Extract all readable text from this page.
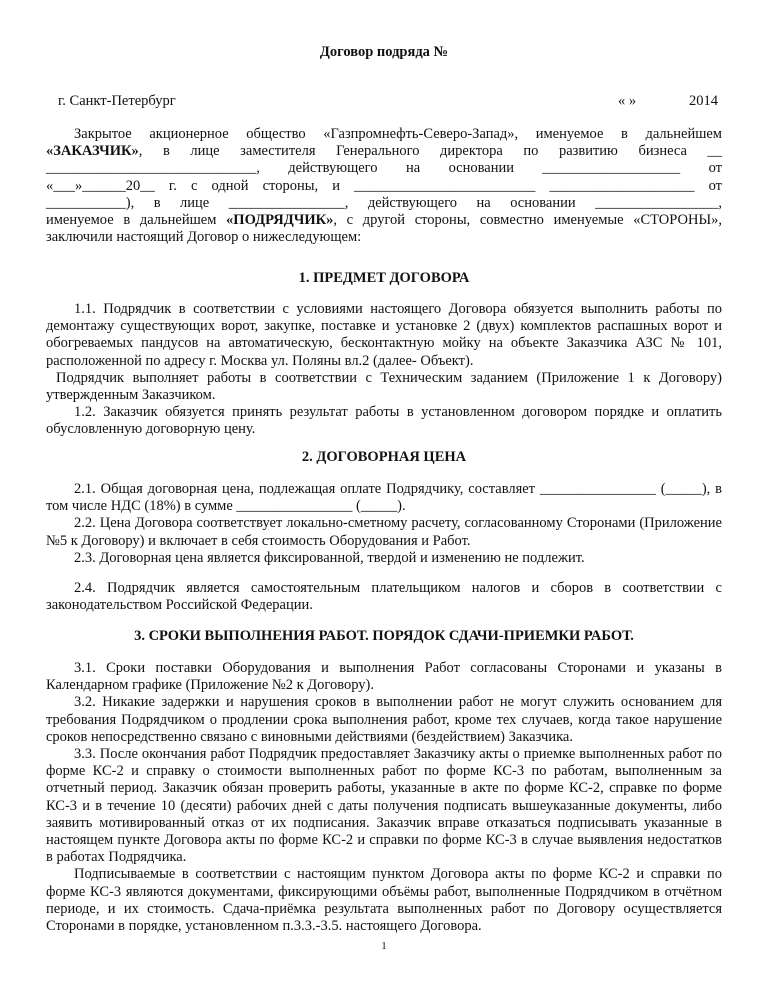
Договор подряда №
г. Санкт-Петербург	« »	2014

Закрытое акционерное общество «Газпромнефть-Северо-Запад», именуемое в дальнейшем

«ЗАКАЗЧИК», в лице заместителя Генерального директора по развитию бизнеса __

_____________________________, действующего на основании ___________________ от

«___»______20__ г. с одной стороны, и _________________________ ____________________ от

___________), в лице ________________, действующего на основании _________________,

именуемое в дальнейшем «ПОДРЯДЧИК», с другой стороны, совместно именуемые «СТОРОНЫ»,

заключили настоящий Договор о нижеследующем:

1. ПРЕДМЕТ ДОГОВОРА

1.1. Подрядчик в соответствии с условиями настоящего Договора обязуется выполнить работы по демонтажу существующих ворот, закупке, поставке и установке 2 (двух) комплектов распашных ворот и обогреваемых пандусов на автоматическую, бесконтактную мойку на объекте Заказчика АЗС № 101, расположенной по адресу г. Москва ул. Поляны вл.2 (далее- Объект).

Подрядчик выполняет работы в соответствии с Техническим заданием (Приложение 1 к Договору) утвержденным Заказчиком.

1.2. Заказчик обязуется принять результат работы в установленном договором порядке и оплатить обусловленную договорную цену.

2. ДОГОВОРНАЯ ЦЕНА

2.1. Общая договорная цена, подлежащая оплате Подрядчику, составляет ________________ (_____), в том числе НДС (18%) в сумме ________________ (_____).

2.2. Цена Договора соответствует локально-сметному расчету, согласованному Сторонами (Приложение №5 к Договору) и включает в себя стоимость Оборудования и Работ.

2.3. Договорная цена является фиксированной, твердой и изменению не подлежит.

2.4. Подрядчик является самостоятельным плательщиком налогов и сборов в соответствии с законодательством Российской Федерации.

3. СРОКИ ВЫПОЛНЕНИЯ РАБОТ. ПОРЯДОК СДАЧИ-ПРИЕМКИ РАБОТ.

3.1. Сроки поставки Оборудования и выполнения Работ согласованы Сторонами и указаны в Календарном графике (Приложение №2 к Договору).

3.2. Никакие задержки и нарушения сроков в выполнении работ не могут служить основанием для требования Подрядчиком о продлении срока выполнения работ, кроме тех случаев, когда такое нарушение сроков непосредственно связано с виновными действиями (бездействием) Заказчика.

3.3. После окончания работ Подрядчик предоставляет Заказчику акты о приемке выполненных работ по форме КС-2 и справку о стоимости выполненных работ по форме КС-3 по работам, выполненным за отчетный период. Заказчик обязан проверить работы, указанные в акте по форме КС-2, справке по форме КС-3 и в течение 10 (десяти) рабочих дней с даты получения подписать вышеуказанные документы, либо заявить мотивированный отказ от их подписания. Заказчик вправе отказаться подписывать указанные в настоящем пункте Договора акты по форме КС-2 и справки по форме КС-3 в случае выявления недостатков в работах Подрядчика.

Подписываемые в соответствии с настоящим пунктом Договора акты по форме КС-2 и справки по форме КС-3 являются документами, фиксирующими объёмы работ, выполненные Подрядчиком в отчётном периоде, и их стоимость. Сдача-приёмка результата выполненных работ по Договору осуществляется Сторонами в порядке, установленном п.3.3.-3.5. настоящего Договора.

1
